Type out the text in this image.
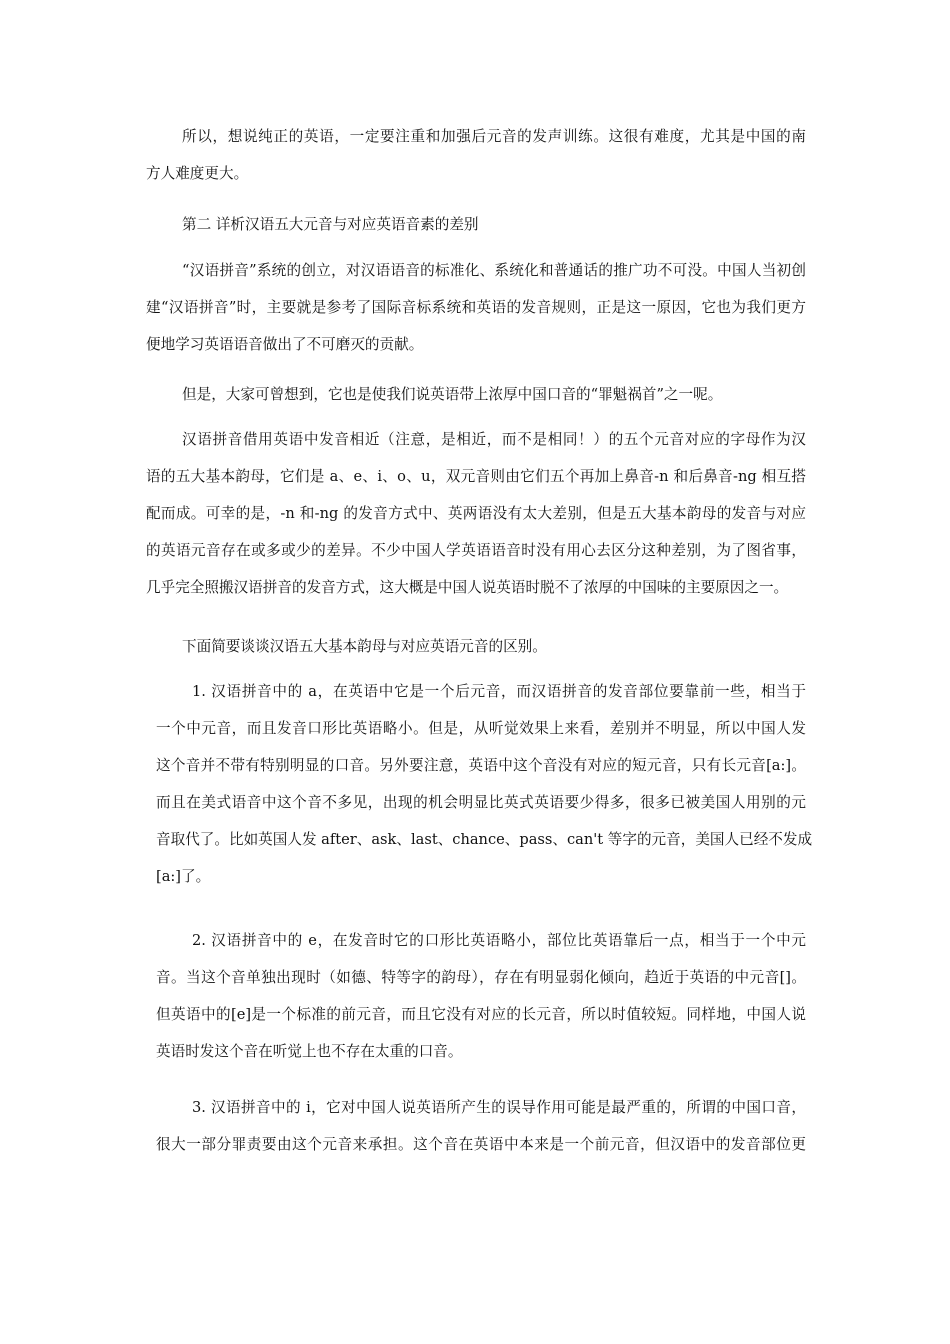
所以，想说纯正的英语，一定要注重和加强后元音的发声训练。这很有难度，尤其是中国的南
方人难度更大。
第二 详析汉语五大元音与对应英语音素的差别
“汉语拼音”系统的创立，对汉语语音的标准化、系统化和普通话的推广功不可没。中国人当初创
建“汉语拼音”时，主要就是参考了国际音标系统和英语的发音规则，正是这一原因，它也为我们更方
便地学习英语语音做出了不可磨灭的贡献。
但是，大家可曾想到，它也是使我们说英语带上浓厚中国口音的“罪魁祸首”之一呢。
汉语拼音借用英语中发音相近（注意，是相近，而不是相同！）的五个元音对应的字母作为汉
语的五大基本韵母，它们是 a、e、i、o、u，双元音则由它们五个再加上鼻音-n 和后鼻音-ng 相互搭
配而成。可幸的是，-n 和-ng 的发音方式中、英两语没有太大差别，但是五大基本韵母的发音与对应
的英语元音存在或多或少的差异。不少中国人学英语语音时没有用心去区分这种差别，为了图省事，
几乎完全照搬汉语拼音的发音方式，这大概是中国人说英语时脱不了浓厚的中国味的主要原因之一。
下面简要谈谈汉语五大基本韵母与对应英语元音的区别。
1. 汉语拼音中的 a，在英语中它是一个后元音，而汉语拼音的发音部位要靠前一些，相当于
一个中元音，而且发音口形比英语略小。但是，从听觉效果上来看，差别并不明显，所以中国人发
这个音并不带有特别明显的口音。另外要注意，英语中这个音没有对应的短元音，只有长元音[a:]。
而且在美式语音中这个音不多见，出现的机会明显比英式英语要少得多，很多已被美国人用别的元
音取代了。比如英国人发 after、ask、last、chance、pass、can't 等字的元音，美国人已经不发成
[a:]了。
2. 汉语拼音中的 e，在发音时它的口形比英语略小，部位比英语靠后一点，相当于一个中元
音。当这个音单独出现时（如德、特等字的韵母），存在有明显弱化倾向，趋近于英语的中元音[]。
但英语中的[e]是一个标准的前元音，而且它没有对应的长元音，所以时值较短。同样地，中国人说
英语时发这个音在听觉上也不存在太重的口音。
3. 汉语拼音中的 i，它对中国人说英语所产生的误导作用可能是最严重的，所谓的中国口音，
很大一部分罪责要由这个元音来承担。这个音在英语中本来是一个前元音，但汉语中的发音部位更
